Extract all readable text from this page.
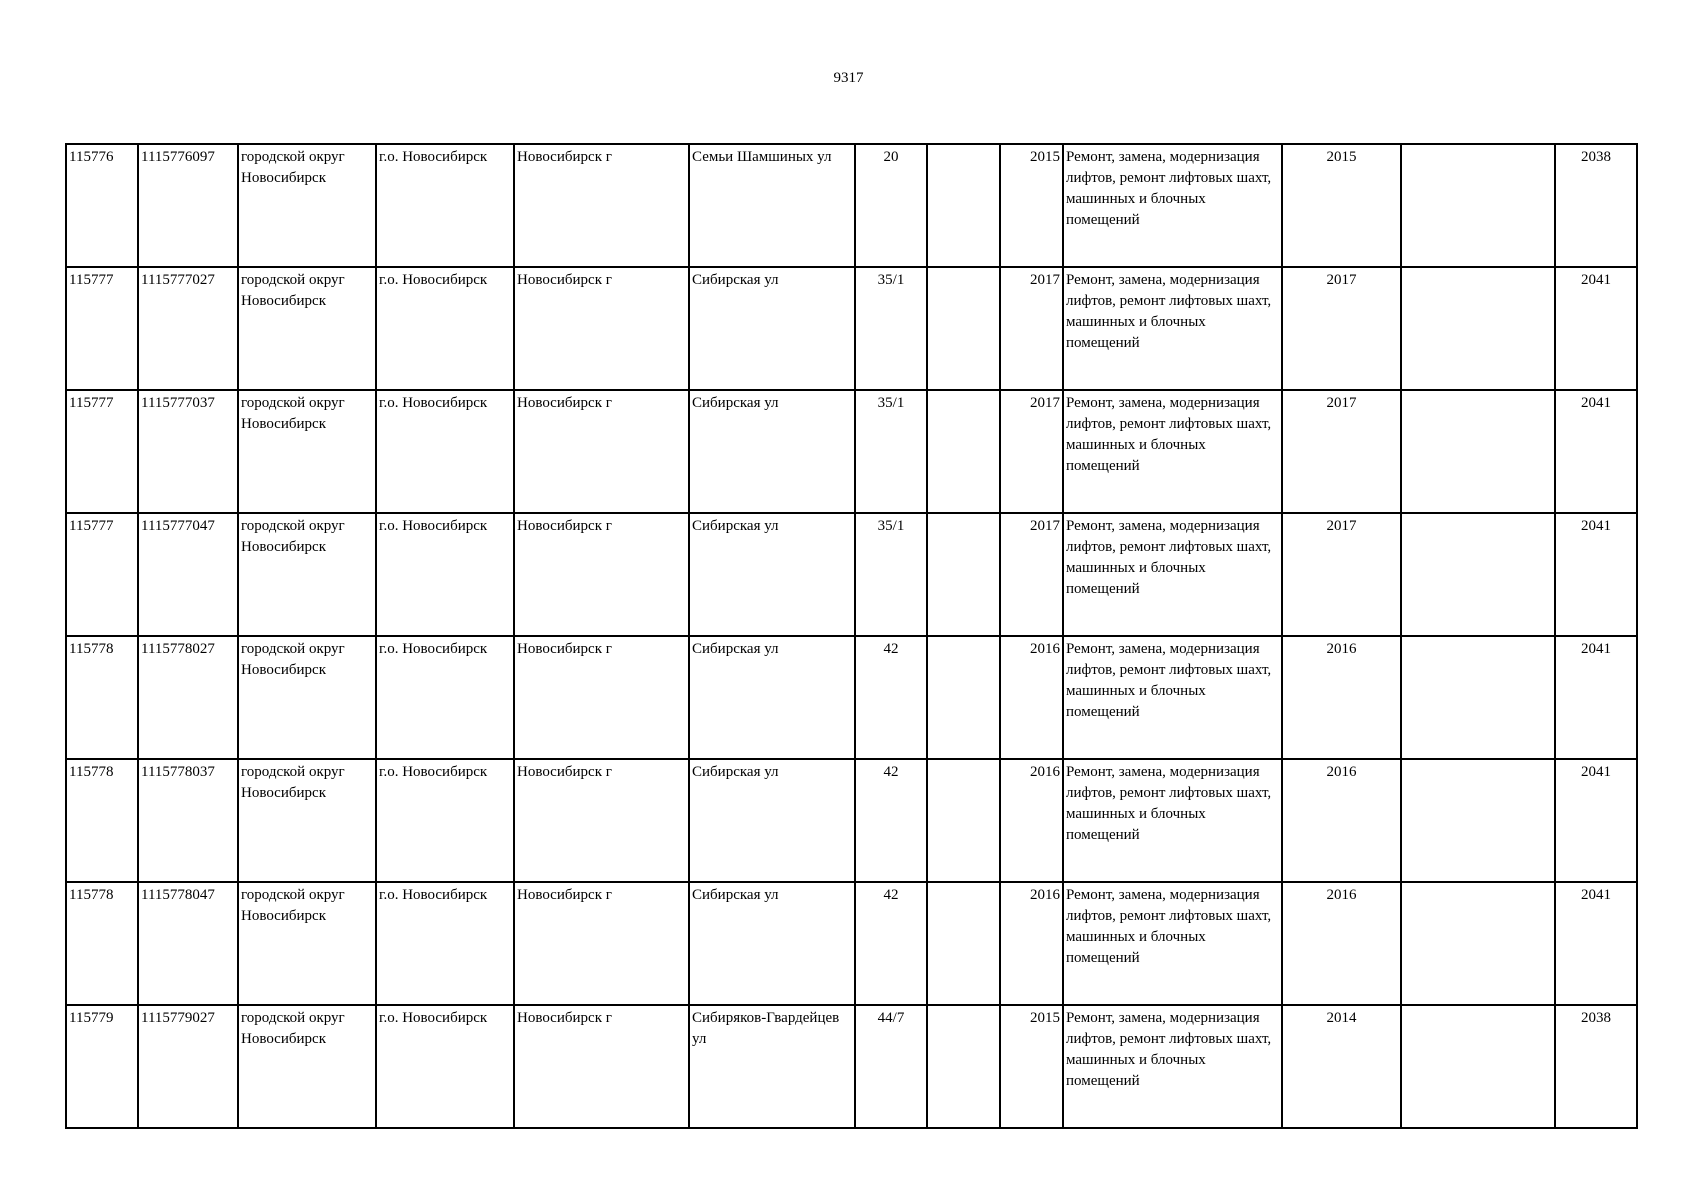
9317
115776	1115776097	городской округ Новосибирск	г.о. Новосибирск	Новосибирск г	Семьи Шамшиных ул	20		2015	Ремонт, замена, модернизация лифтов, ремонт лифтовых шахт, машинных и блочных помещений	2015		2038	
115777	1115777027	городской округ Новосибирск	г.о. Новосибирск	Новосибирск г	Сибирская ул	35/1		2017	Ремонт, замена, модернизация лифтов, ремонт лифтовых шахт, машинных и блочных помещений	2017		2041	
115777	1115777037	городской округ Новосибирск	г.о. Новосибирск	Новосибирск г	Сибирская ул	35/1		2017	Ремонт, замена, модернизация лифтов, ремонт лифтовых шахт, машинных и блочных помещений	2017		2041	
115777	1115777047	городской округ Новосибирск	г.о. Новосибирск	Новосибирск г	Сибирская ул	35/1		2017	Ремонт, замена, модернизация лифтов, ремонт лифтовых шахт, машинных и блочных помещений	2017		2041	
115778	1115778027	городской округ Новосибирск	г.о. Новосибирск	Новосибирск г	Сибирская ул	42		2016	Ремонт, замена, модернизация лифтов, ремонт лифтовых шахт, машинных и блочных помещений	2016		2041	
115778	1115778037	городской округ Новосибирск	г.о. Новосибирск	Новосибирск г	Сибирская ул	42		2016	Ремонт, замена, модернизация лифтов, ремонт лифтовых шахт, машинных и блочных помещений	2016		2041	
115778	1115778047	городской округ Новосибирск	г.о. Новосибирск	Новосибирск г	Сибирская ул	42		2016	Ремонт, замена, модернизация лифтов, ремонт лифтовых шахт, машинных и блочных помещений	2016		2041	
115779	1115779027	городской округ Новосибирск	г.о. Новосибирск	Новосибирск г	Сибиряков-Гвардейцев ул	44/7		2015	Ремонт, замена, модернизация лифтов, ремонт лифтовых шахт, машинных и блочных помещений	2014		2038	
